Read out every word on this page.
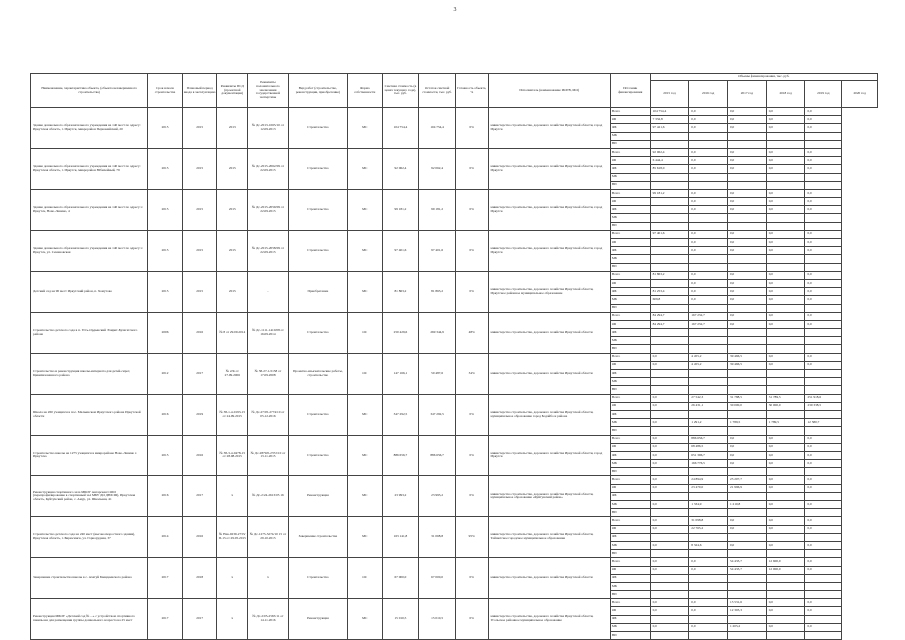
3
Наименование, характеристика объекта, (объекта незавершенного строительства)	Срок начала строительства	Плановый период ввода в эксплуатацию	Реквизиты ПСД (проектной документации)	Реквизиты положительного заключения государственной экспертизы	Вид работ (строительство, реконструкция, приобретение)	Форма собственности	Сметная стоимость (в ценах текущего года), тыс. руб.	Остаток сметной стоимости, тыс. руб.	Готовность объекта, %	Исполнитель (наименование ИОГВ, МО)	Источник финансирования	Объемы финансирования, тыс. руб.					
												2015 год	2016 год	2017 год	2018 год	2019 год	2020 год
Здание дошкольного образовательного учреждения на 140 мест по адресу: Иркутская область, г. Иркутск, микрорайон Первомайский, 20	2015	2015	2013	№ Дс-2013-1065/10 от 12.09.2013	Строительство	МС	104 754,4	104 754,4	0%	министерство строительства, дорожного хозяйства Иркутской области, город Иркутск	Всего	104 754,4	0,0	0,0	0,0	0,0	
											ОБ	7 332,8	0,0	0,0	0,0	0,0	
											ФБ	97 421,6	0,0	0,0	0,0	0,0	
											МБ						
											ВИ						
Здание дошкольного образовательного учреждения на 140 мест по адресу: Иркутская область, г. Иркутск, микрорайон Юбилейный, 79	2015	2015	2015	№ Дс-2015-2062/09 от 22.09.2015	Строительство	МС	92 062,4	92 062,4	0%	министерство строительства, дорожного хозяйства Иркутской области, город Иркутск	Всего	92 062,4	0,0	0,0	0,0	0,0	
											ОБ	6 444,4	0,0	0,0	0,0	0,0	
											ФБ	85 618,0	0,0	0,0	0,0	0,0	
											МБ						
											ВИ						
Здание дошкольного образовательного учреждения на 140 мест по адресу: г. Иркутск, Ново-Ленино, 4	2015	2015	2015	№ Дс-2015-2059/09 от 22.09.2015	Строительство	МС	99 181,2	99 181,2	0%	министерство строительства, дорожного хозяйства Иркутской области, город Иркутск	Всего	99 181,2	0,0	0,0	0,0	0,0	
											ОБ		0,0	0,0	0,0	0,0	
											ФБ		0,0	0,0	0,0	0,0	
											МБ						
											ВИ						
Здание дошкольного образовательного учреждения на 140 мест по адресу: г. Иркутск, ул. Семеновская	2015	2015	2015	№ Дс-2015-2058/09 от 22.09.2015	Строительство	МС	97 401,6	97 401,6	0%	министерство строительства, дорожного хозяйства Иркутской области, город Иркутск	Всего	97 401,6	0,0	0,0	0,0	0,0	
											ОБ		0,0	0,0	0,0	0,0	
											ФБ		0,0	0,0	0,0	0,0	
											МБ						
											ВИ						
Детский сад на 90 мест Иркутский район, п. Хомутово	2015	2015	2015	-	Приобретение	МС	81 863,2	81 863,2	0%	министерство строительства, дорожного хозяйства Иркутской области, Иркутское районное муниципальное образование	Всего	81 863,2	0,0	0,0	0,0	0,0	
											ОБ		0,0	0,0	0,0	0,0	
											ФБ	81 253,4	0,0	0,0	0,0	0,0	
											МБ	609,8	0,0	0,0	0,0	0,0	
											ВИ						
Строительство детского сада в п. Усть-Ордынский Эхирит-Булагатского района	2006	2016	№ 8 от 29.09.2014	№ Дс-1111-1410/08 от 16.09.2014	Строительство	ОС	250 429,6	269 344,9	48%	министерство строительства, дорожного хозяйства Иркутской области	Всего	84 294,7	167 232,7	0,0	0,0	0,0	
											ОБ	84 294,7	167 232,7	0,0	0,0	0,0	
											ФБ						
											МБ						
											ВИ						
Строительство и реконструкция школы-интерната для детей-сирот, Цивилизованного района	2012	2017	№ 2/К от 27.09.2006	№ 38-27-1/2158 от 17.09.2008	Проектно-изыскательские работы, строительство	ОС	147 166,1	50 487,6	34%	министерство строительства, дорожного хозяйства Иркутской области	Всего	0,0	4 455,2	39 466,5	0,0	0,0	
											ОБ	0,0	4 455,2	39 466,5	0,0	0,0	
											ФБ						
											МБ						
											ВИ						
Школа на 260 учащихся в пос. Мальинском Иркутского района Иркутской области	2016	2019	№ 38-1-4-0193-15 от 24.09.2015	№ Дс-27/05-2774/10 от 05.12.2016	Строительство	МС	347 292,5	347 292,5	0%	министерство строительства, дорожного хозяйства Иркутской области, муниципальное образование город Бодайбо и района	Всего	0,0	27 542,3	31 788,5	31 789,5	251 918,6	
											ОБ	0,0	26 431,1	30 000,0	30 000,0	239 338,5	
											ФБ						
											МБ	0,0	1 291,2	1 789,5	1 789,5	12 580,7	
											ВИ						
Строительство школы на 1275 учащихся в микрорайоне Ново-Ленино г. Иркутска	2015	2016	№ 38-3-4-0478-15 от 28.08.2015	№ Дс-2879/0-2372/10 от 13.11.2015	Строительство	МС	886 656,7	886 656,7	0%	министерство строительства, дорожного хозяйства Иркутской области, город Иркутск	Всего	0,0	886 656,7	0,0	0,0	0,0	
											ОБ	0,0	68 486,5	0,0	0,0	0,0	
											ФБ	0,0	651 396,7	0,0	0,0	0,0	
											МБ	0,0	166 776,5	0,0	0,0	0,0	
											ВИ						
Реконструкция спортивного зала МБОУ Ангарская СОШ (перепрофилирование в спортивный зал МБУ ДО ДЮСШ), Иркутская область, Куйтунский район, с. Амур, ул. Школьная, 41	2016	2017	х	№ Дс-2/24-2613/05 16	Реконструкция	МС	23 993,2	23 993,2	0%	министерство строительства, дорожного хозяйства Иркутской области, муниципальное образование «Куйтунский район»	Всего	0,0	24 894,9	23 207,7	0,0	0,0	
											ОБ	0,0	23 470,0	21 996,9	0,0	0,0	
											ФБ						
											МБ	0,0	1 334,9	1 210,8	0,0	0,0	
											ВИ						
Строительство детского сада на 240 мест (высокоскоростного здания), Иркутская область, г. Бирюсинск, ул. Горнорудная, 37	2014	2016	№ Нак-0239-2733/П-15 от 29.05.2015	№ Дс-1275-3274/10 15 от 29.10.2015	Завершение строительства	МС	163 141,8	31 068,8	95%	министерство строительства, дорожного хозяйства Иркутской области, Тайшетское городское муниципальное образование	Всего	0,0	31 098,8	0,0	0,0	0,0	
											ОБ	0,0	22 765,2	0,0	0,0	0,0	
											ФБ						
											МБ	0,0	8 324,6	0,0	0,0	0,0	
											ВИ						
Завершение строительства школы в с. Ахатуй Баяндаевского района	2017	2018	х	х	Строительство	ОС	67 000,0	67 000,0	0%	министерство строительства, дорожного хозяйства Иркутской области	Всего	0,0	0,0	54 433,7	12 600,0	0,0	
											ОБ	0,0	0,0	54 433,7	12 000,0	0,0	
											ФБ						
											МБ						
											ВИ						
Реконструкция МБОУ «Детский сад № ...» с устройством спортивного павильона для размещения группы дошкольного возраста на 25 мест	2017	2017	х	№ Дс-2/05-2565/11 от 14.11.2016	Реконструкция	МС	15 010,5	15 010,5	0%	министерство строительства, дорожного хозяйства Иркутской области, Усольское районное муниципальное образование	Всего	0,0	0,0	13 531,6	0,0	0,0	
											ОБ	0,0	0,0	12 303,3	0,0	0,0	
											ФБ						
											МБ	0,0	0,0	1 205,2	0,0	0,0	
											ВИ						
